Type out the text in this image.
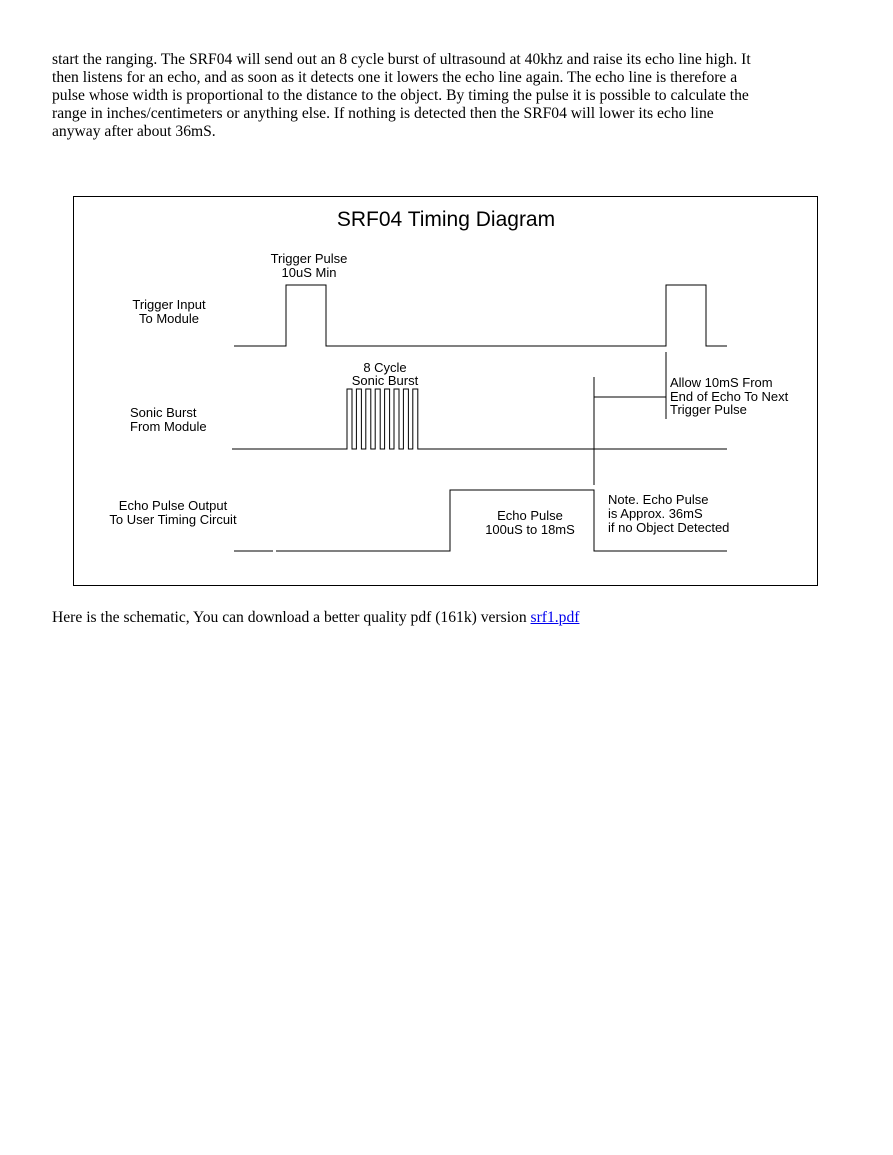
start the ranging. The SRF04 will send out an 8 cycle burst of ultrasound at 40khz and raise its echo line high. It
then listens for an echo, and as soon as it detects one it lowers the echo line again. The echo line is therefore a
pulse whose width is proportional to the distance to the object. By timing the pulse it is possible to calculate the
range in inches/centimeters or anything else. If nothing is detected then the SRF04 will lower its echo line
anyway after about 36mS.
SRF04 Timing Diagram
Trigger Input
To Module
Sonic Burst
From Module
Echo Pulse Output
To User Timing Circuit
Trigger Pulse
10uS Min
8 Cycle
Sonic Burst	Allow 10mS From
End of Echo To Next
Trigger Pulse
Echo Pulse
100uS to 18mS
Note. Echo Pulse
is Approx. 36mS
if no Object Detected
Here is the schematic, You can download a better quality pdf (161k) version srf1.pdf
